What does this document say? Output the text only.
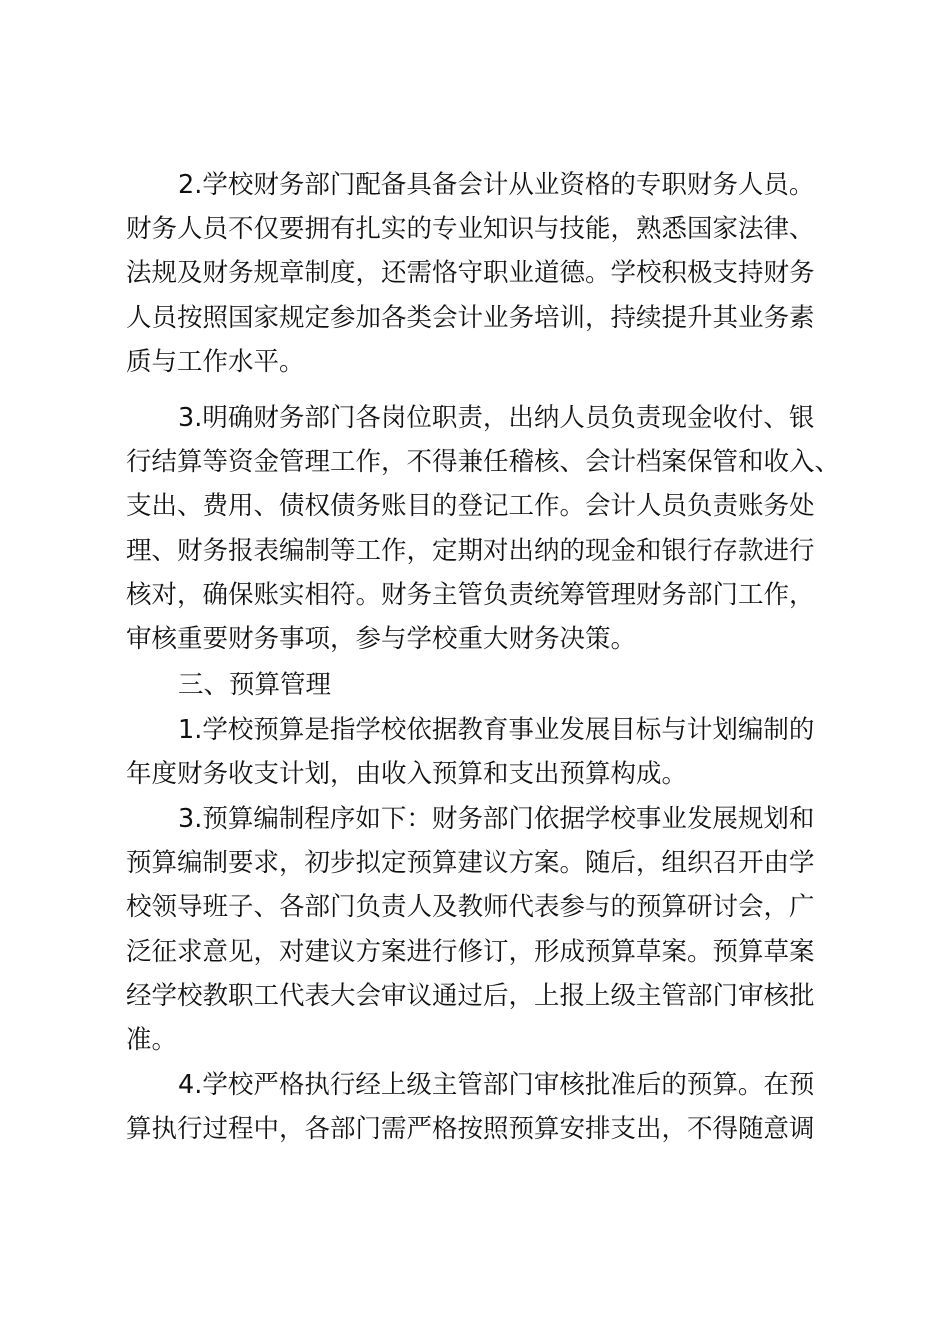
2.学校财务部门配备具备会计从业资格的专职财务人员。
财务人员不仅要拥有扎实的专业知识与技能，熟悉国家法律、
法规及财务规章制度，还需恪守职业道德。学校积极支持财务
人员按照国家规定参加各类会计业务培训，持续提升其业务素
质与工作水平。
3.明确财务部门各岗位职责，出纳人员负责现金收付、银
行结算等资金管理工作，不得兼任稽核、会计档案保管和收入、
支出、费用、债权债务账目的登记工作。会计人员负责账务处
理、财务报表编制等工作，定期对出纳的现金和银行存款进行
核对，确保账实相符。财务主管负责统筹管理财务部门工作，
审核重要财务事项，参与学校重大财务决策。
三、预算管理
1.学校预算是指学校依据教育事业发展目标与计划编制的
年度财务收支计划，由收入预算和支出预算构成。
3.预算编制程序如下：财务部门依据学校事业发展规划和
预算编制要求，初步拟定预算建议方案。随后，组织召开由学
校领导班子、各部门负责人及教师代表参与的预算研讨会，广
泛征求意见，对建议方案进行修订，形成预算草案。预算草案
经学校教职工代表大会审议通过后，上报上级主管部门审核批
准。
4.学校严格执行经上级主管部门审核批准后的预算。在预
算执行过程中，各部门需严格按照预算安排支出，不得随意调
